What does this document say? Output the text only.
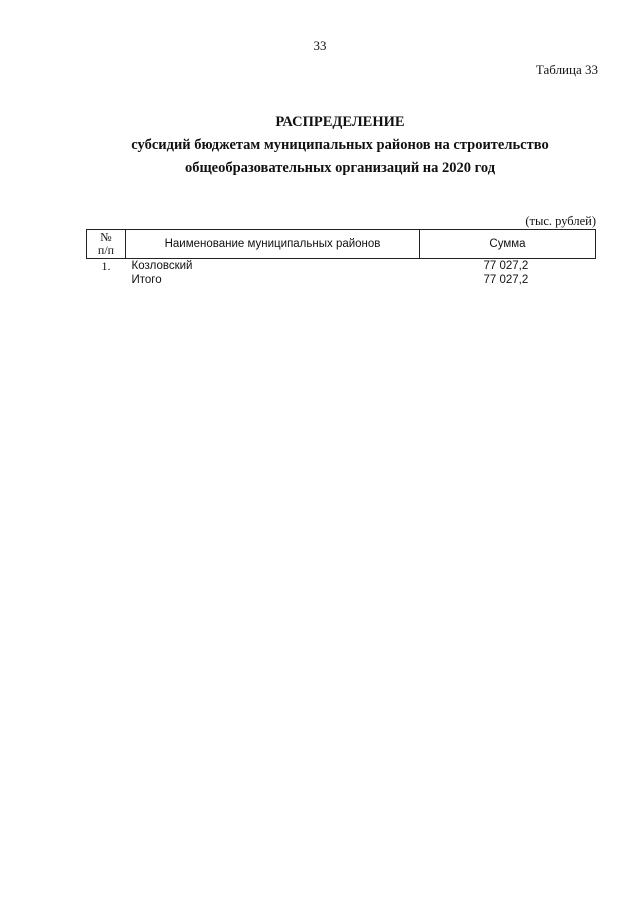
33
Таблица 33
РАСПРЕДЕЛЕНИЕ
субсидий бюджетам муниципальных районов на строительство
общеобразовательных организаций на 2020 год
(тыс. рублей)
№
п/п	Наименование муниципальных районов	Сумма
1.	Козловский	77 027,2
	Итого	77 027,2
